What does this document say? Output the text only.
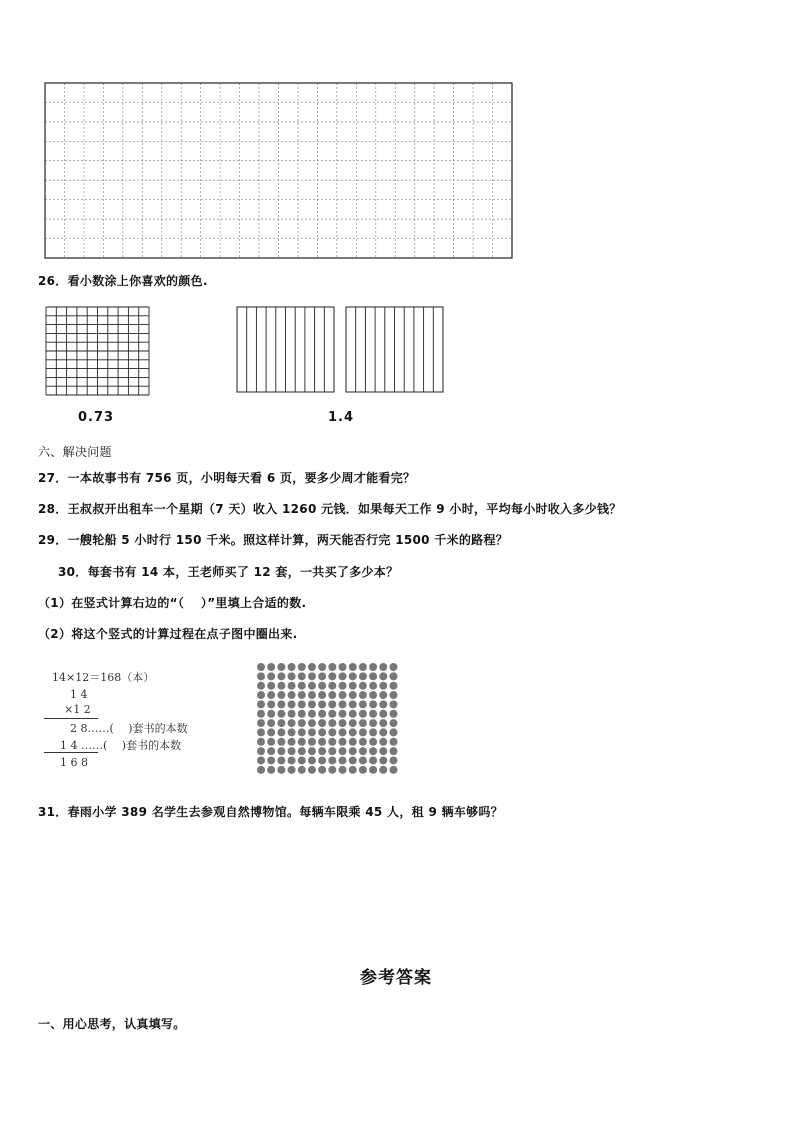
26．看小数涂上你喜欢的颜色.
0.73	1.4
六、解决问题
27．一本故事书有 756 页，小明每天看 6 页，要多少周才能看完？
28．王叔叔开出租车一个星期（7 天）收入 1260 元钱．如果每天工作 9 小时，平均每小时收入多少钱？
29．一艘轮船 5 小时行 150 千米。照这样计算，两天能否行完 1500 千米的路程？
30．每套书有 14 本，王老师买了 12 套，一共买了多少本？
（1）在竖式计算右边的“（　 ）”里填上合适的数.
（2）将这个竖式的计算过程在点子图中圈出来.
14×12＝168（本）
1 4
×1 2
2 8……(　 )套书的本数
1 4 ……(　 )套书的本数
1 6 8
31．春雨小学 389 名学生去参观自然博物馆。每辆车限乘 45 人，租 9 辆车够吗？
参考答案
一、用心思考，认真填写。
